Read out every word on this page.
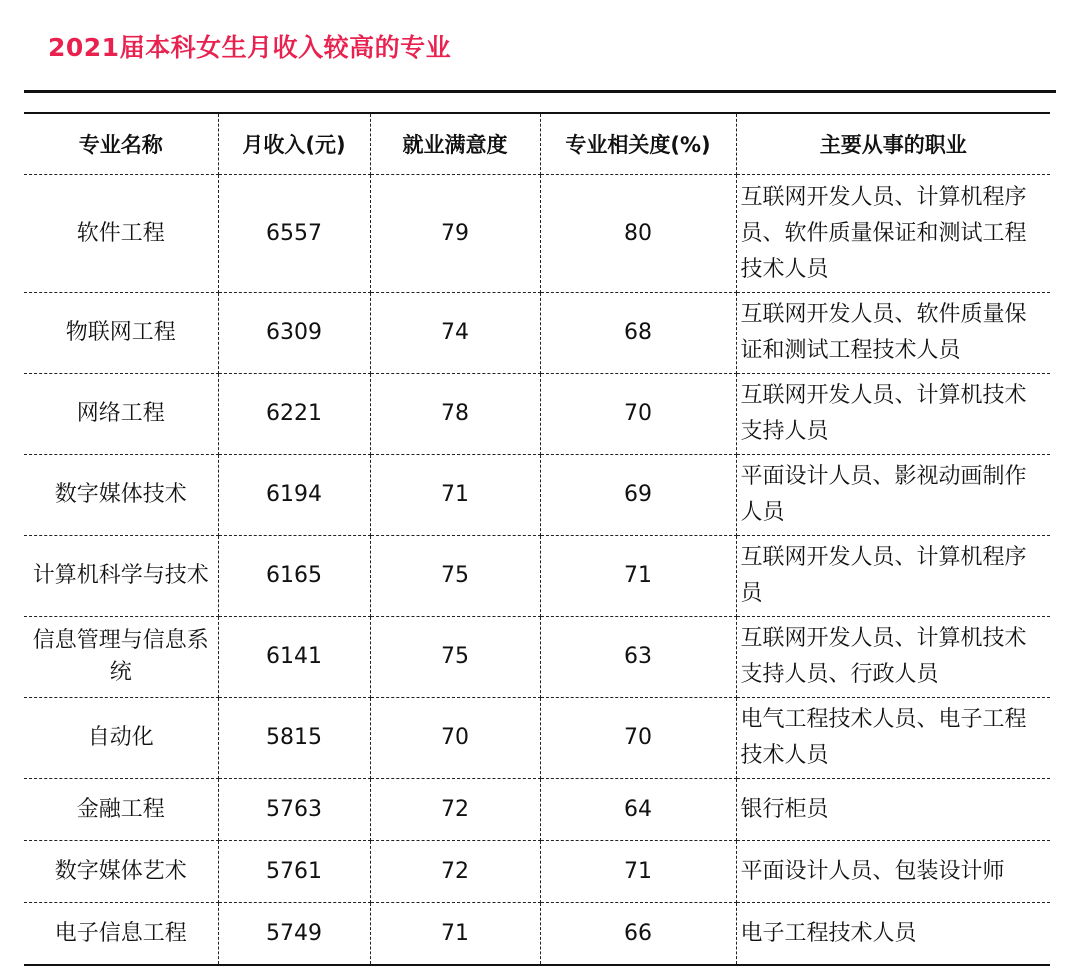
2021届本科女生月收入较高的专业
专业名称	月收入(元)	就业满意度	专业相关度(%)	主要从事的职业
软件工程	6557	79	80	互联网开发人员、计算机程序员、软件质量保证和测试工程技术人员
物联网工程	6309	74	68	互联网开发人员、软件质量保证和测试工程技术人员
网络工程	6221	78	70	互联网开发人员、计算机技术支持人员
数字媒体技术	6194	71	69	平面设计人员、影视动画制作人员
计算机科学与技术	6165	75	71	互联网开发人员、计算机程序员
信息管理与信息系统	6141	75	63	互联网开发人员、计算机技术支持人员、行政人员
自动化	5815	70	70	电气工程技术人员、电子工程技术人员
金融工程	5763	72	64	银行柜员
数字媒体艺术	5761	72	71	平面设计人员、包装设计师
电子信息工程	5749	71	66	电子工程技术人员
